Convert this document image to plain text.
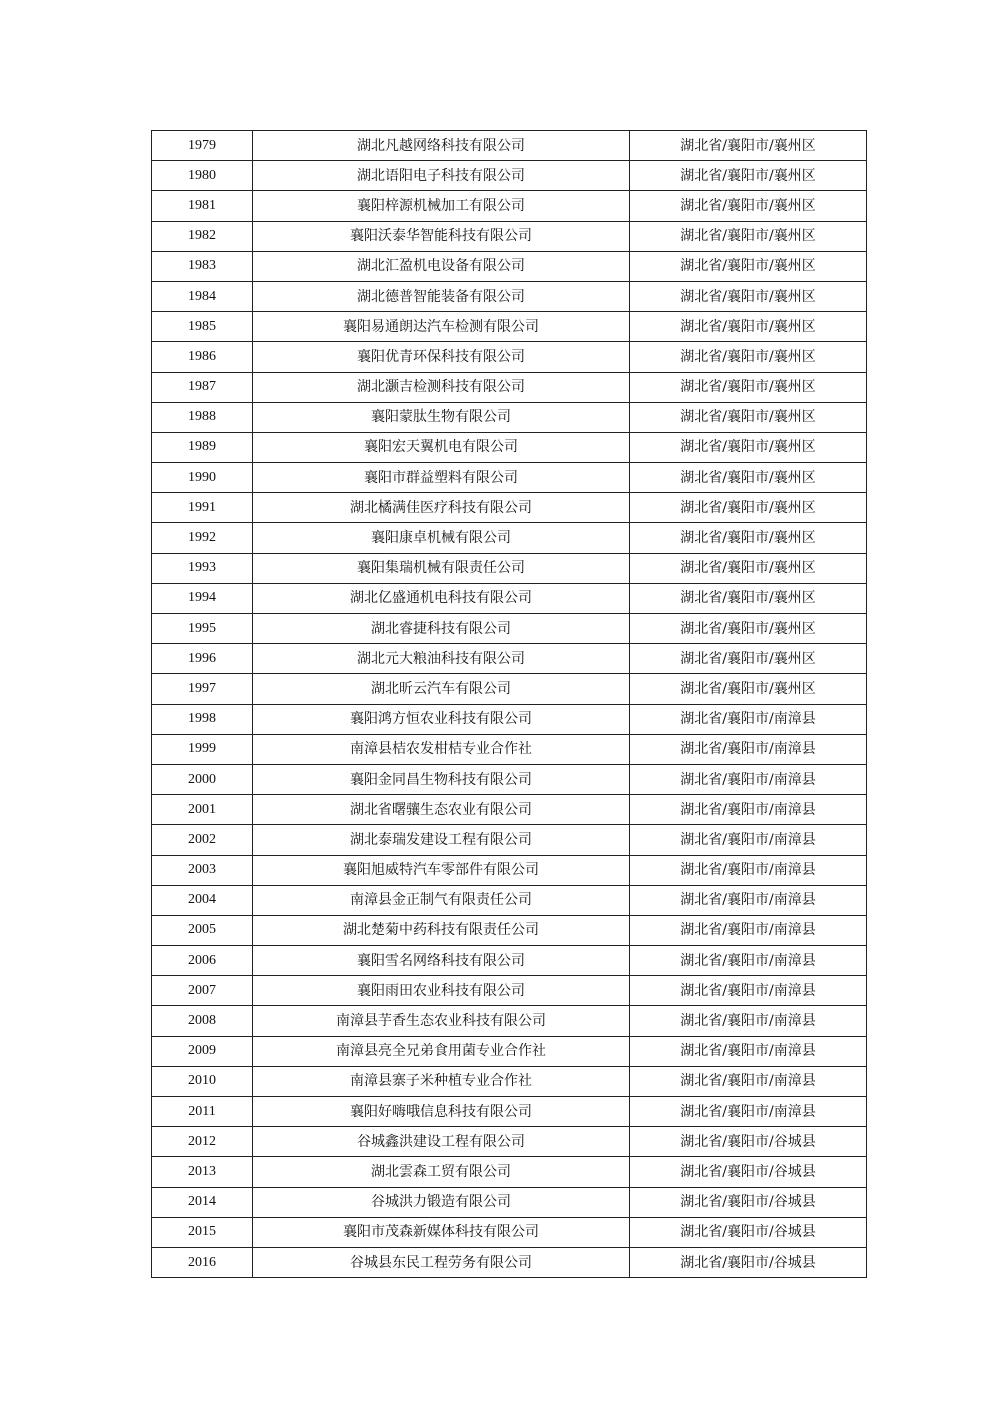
1979	湖北凡越网络科技有限公司	湖北省/襄阳市/襄州区
1980	湖北语阳电子科技有限公司	湖北省/襄阳市/襄州区
1981	襄阳梓源机械加工有限公司	湖北省/襄阳市/襄州区
1982	襄阳沃泰华智能科技有限公司	湖北省/襄阳市/襄州区
1983	湖北汇盈机电设备有限公司	湖北省/襄阳市/襄州区
1984	湖北德普智能装备有限公司	湖北省/襄阳市/襄州区
1985	襄阳易通朗达汽车检测有限公司	湖北省/襄阳市/襄州区
1986	襄阳优青环保科技有限公司	湖北省/襄阳市/襄州区
1987	湖北灏吉检测科技有限公司	湖北省/襄阳市/襄州区
1988	襄阳蒙肽生物有限公司	湖北省/襄阳市/襄州区
1989	襄阳宏天翼机电有限公司	湖北省/襄阳市/襄州区
1990	襄阳市群益塑料有限公司	湖北省/襄阳市/襄州区
1991	湖北橘满佳医疗科技有限公司	湖北省/襄阳市/襄州区
1992	襄阳康卓机械有限公司	湖北省/襄阳市/襄州区
1993	襄阳集瑞机械有限责任公司	湖北省/襄阳市/襄州区
1994	湖北亿盛通机电科技有限公司	湖北省/襄阳市/襄州区
1995	湖北睿捷科技有限公司	湖北省/襄阳市/襄州区
1996	湖北元大粮油科技有限公司	湖北省/襄阳市/襄州区
1997	湖北昕云汽车有限公司	湖北省/襄阳市/襄州区
1998	襄阳鸿方恒农业科技有限公司	湖北省/襄阳市/南漳县
1999	南漳县桔农发柑桔专业合作社	湖北省/襄阳市/南漳县
2000	襄阳金同昌生物科技有限公司	湖北省/襄阳市/南漳县
2001	湖北省曙骧生态农业有限公司	湖北省/襄阳市/南漳县
2002	湖北泰瑞发建设工程有限公司	湖北省/襄阳市/南漳县
2003	襄阳旭威特汽车零部件有限公司	湖北省/襄阳市/南漳县
2004	南漳县金正制气有限责任公司	湖北省/襄阳市/南漳县
2005	湖北楚菊中药科技有限责任公司	湖北省/襄阳市/南漳县
2006	襄阳雪名网络科技有限公司	湖北省/襄阳市/南漳县
2007	襄阳雨田农业科技有限公司	湖北省/襄阳市/南漳县
2008	南漳县芋香生态农业科技有限公司	湖北省/襄阳市/南漳县
2009	南漳县亮全兄弟食用菌专业合作社	湖北省/襄阳市/南漳县
2010	南漳县寨子米种植专业合作社	湖北省/襄阳市/南漳县
2011	襄阳好嗨哦信息科技有限公司	湖北省/襄阳市/南漳县
2012	谷城鑫洪建设工程有限公司	湖北省/襄阳市/谷城县
2013	湖北雲森工贸有限公司	湖北省/襄阳市/谷城县
2014	谷城洪力锻造有限公司	湖北省/襄阳市/谷城县
2015	襄阳市茂森新媒体科技有限公司	湖北省/襄阳市/谷城县
2016	谷城县东民工程劳务有限公司	湖北省/襄阳市/谷城县
